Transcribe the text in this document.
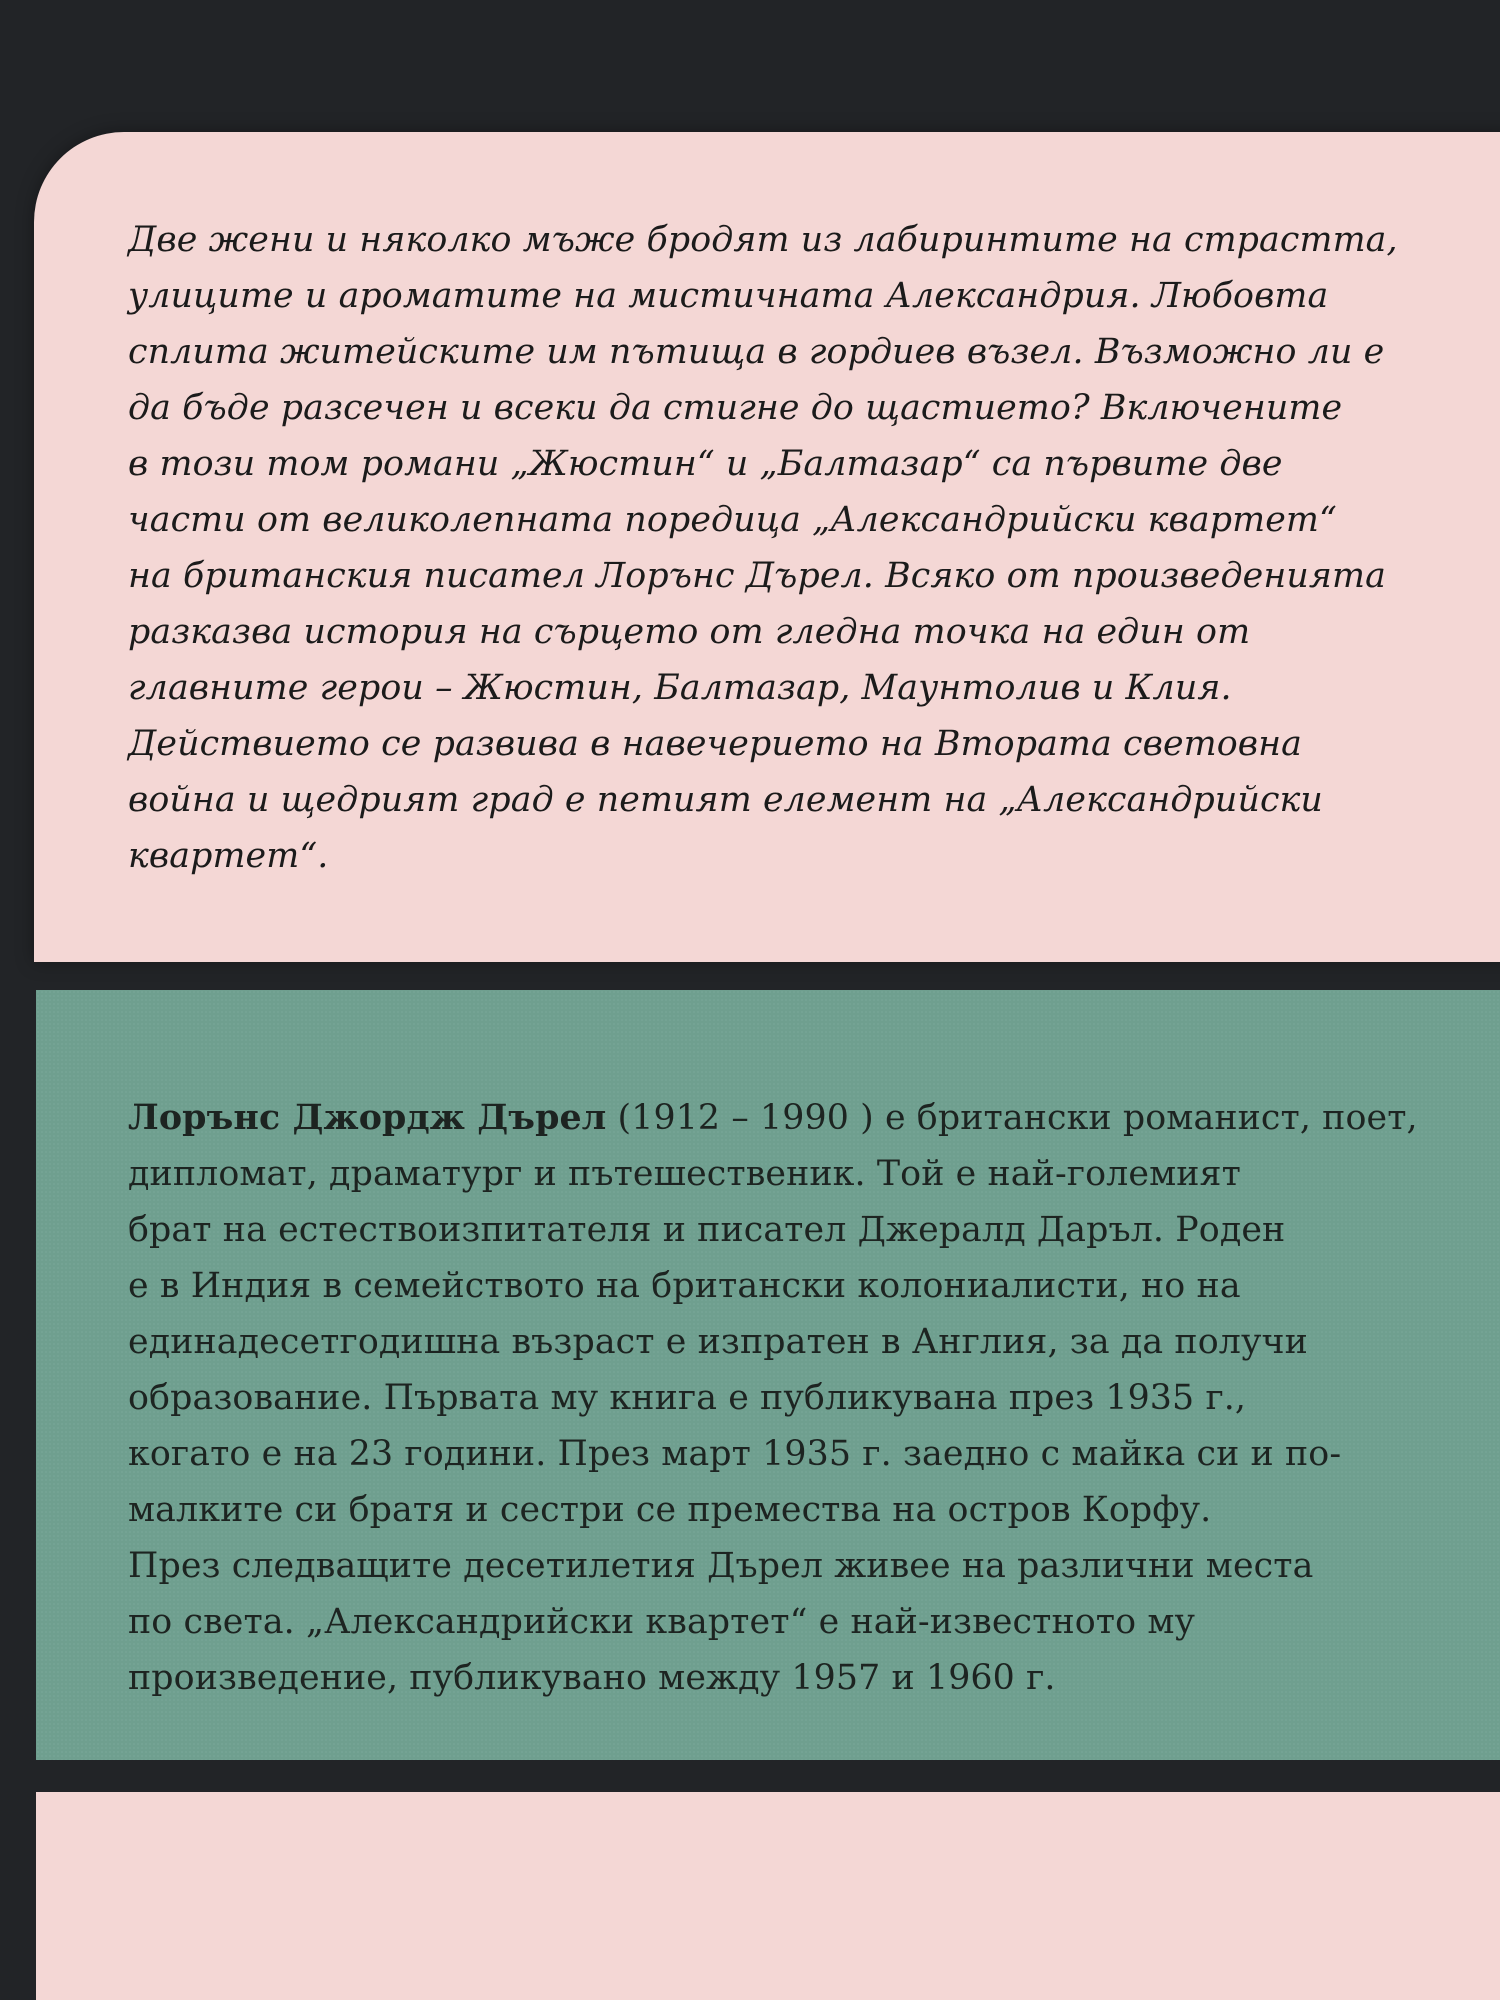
Две жени и няколко мъже бродят из лабиринтите на страстта,
улиците и ароматите на мистичната Александрия. Любовта
сплита житейските им пътища в гордиев възел. Възможно ли е
да бъде разсечен и всеки да стигне до щастието? Включените
в този том романи „Жюстин“ и „Балтазар“ са първите две
части от великолепната поредица „Александрийски квартет“
на британския писател Лорънс Дърел. Всяко от произведенията
разказва история на сърцето от гледна точка на един от
главните герои – Жюстин, Балтазар, Маунтолив и Клия.
Действието се развива в навечерието на Втората световна
война и щедрият град е петият елемент на „Александрийски
квартет“.
Лорънс Джордж Дърел (1912 – 1990 ) е британски романист, поет,
дипломат, драматург и пътешественик. Той е най-големият
брат на естествоизпитателя и писател Джералд Даръл. Роден
е в Индия в семейството на британски колониалисти, но на
единадесетгодишна възраст е изпратен в Англия, за да получи
образование. Първата му книга е публикувана през 1935 г.,
когато е на 23 години. През март 1935 г. заедно с майка си и по-
малките си братя и сестри се премества на остров Корфу.
През следващите десетилетия Дърел живее на различни места
по света. „Александрийски квартет“ е най-известното му
произведение, публикувано между 1957 и 1960 г.
